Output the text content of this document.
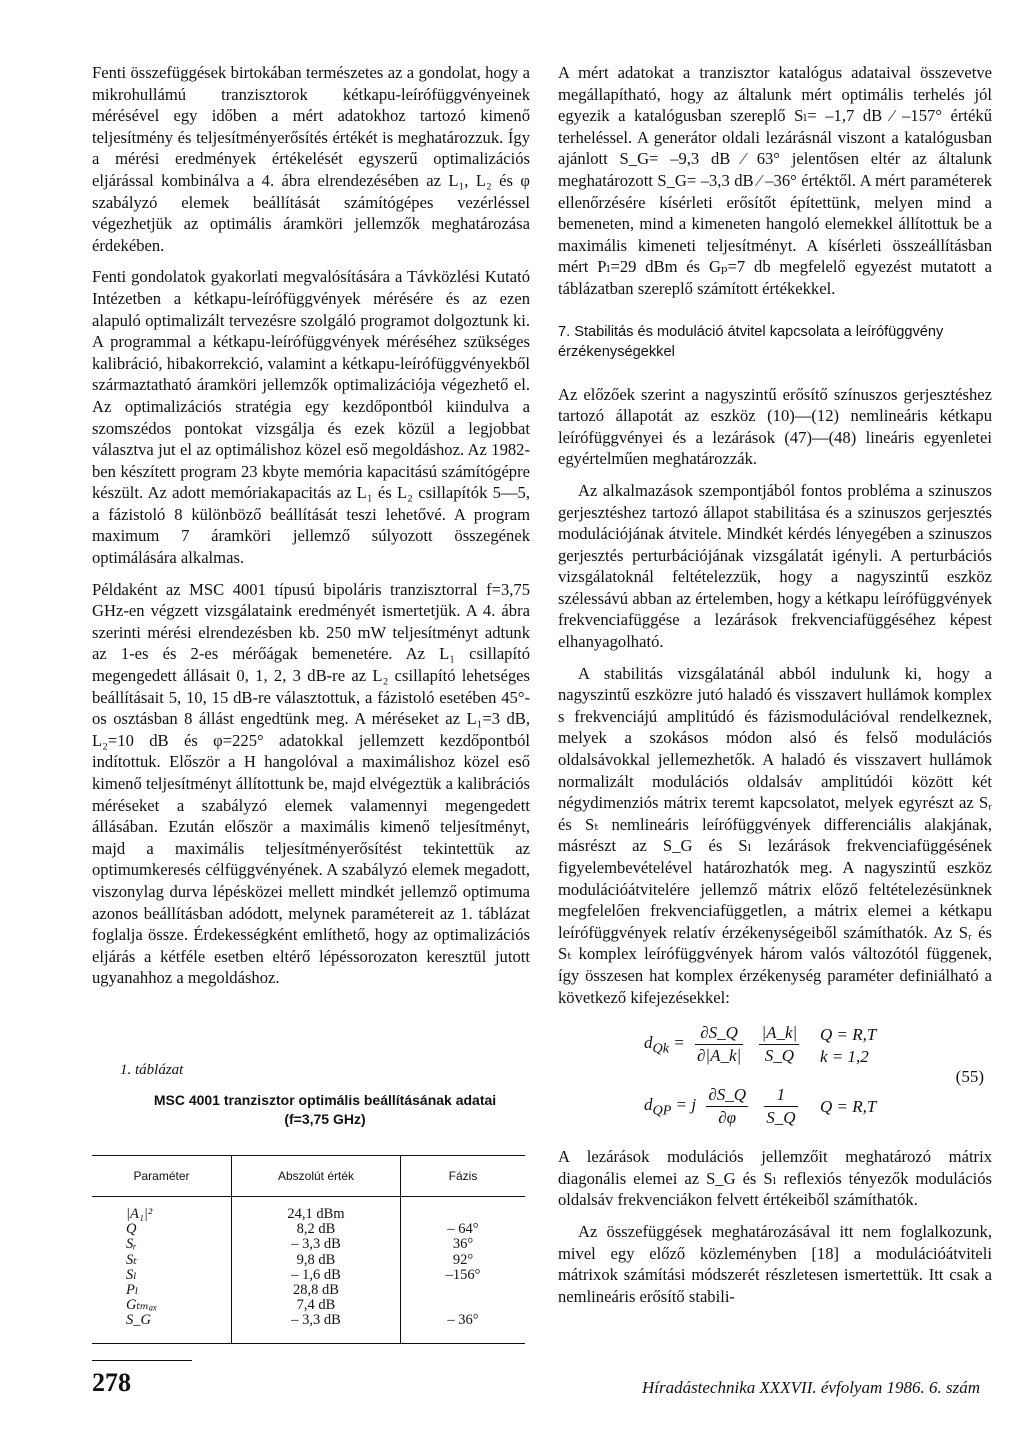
Fenti összefüggések birtokában természetes az a gondolat, hogy a mikrohullámú tranzisztorok kétkapu-leírófüggvényeinek mérésével egy időben a mért adatokhoz tartozó kimenő teljesítmény és teljesítményerősítés értékét is meghatározzuk. Így a mérési eredmények értékelését egyszerű optimalizációs eljárással kombinálva a 4. ábra elrendezésében az L₁, L₂ és φ szabályzó elemek beállítását számítógépes vezérléssel végezhetjük az optimális áramköri jellemzők meghatározása érdekében.

Fenti gondolatok gyakorlati megvalósítására a Távközlési Kutató Intézetben a kétkapu-leírófüggvények mérésére és az ezen alapuló optimalizált tervezésre szolgáló programot dolgoztunk ki. A programmal a kétkapu-leírófüggvények méréséhez szükséges kalibráció, hibakorrekció, valamint a kétkapu-leírófüggvényekből származtatható áramköri jellemzők optimalizációja végezhető el. Az optimalizációs stratégia egy kezdőpontból kiindulva a szomszédos pontokat vizsgálja és ezek közül a legjobbat választva jut el az optimálishoz közel eső megoldáshoz. Az 1982-ben készített program 23 kbyte memória kapacitású számítógépre készült. Az adott memóriakapacitás az L₁ és L₂ csillapítók 5—5, a fázistoló 8 különböző beállítását teszi lehetővé. A program maximum 7 áramköri jellemző súlyozott összegének optimálására alkalmas.

Példaként az MSC 4001 típusú bipoláris tranzisztorral f=3,75 GHz-en végzett vizsgálataink eredményét ismertetjük. A 4. ábra szerinti mérési elrendezésben kb. 250 mW teljesítményt adtunk az 1-es és 2-es mérőágak bemenetére. Az L₁ csillapító megengedett állásait 0, 1, 2, 3 dB-re az L₂ csillapító lehetséges beállításait 5, 10, 15 dB-re választottuk, a fázistoló esetében 45°-os osztásban 8 állást engedtünk meg. A méréseket az L₁=3 dB, L₂=10 dB és φ=225° adatokkal jellemzett kezdőpontból indítottuk. Először a H hangolóval a maximálishoz közel eső kimenő teljesítményt állítottunk be, majd elvégeztük a kalibrációs méréseket a szabályzó elemek valamennyi megengedett állásában. Ezután először a maximális kimenő teljesítményt, majd a maximális teljesítményerősítést tekintettük az optimumkeresés célfüggvényének. A szabályzó elemek megadott, viszonylag durva lépésközei mellett mindkét jellemző optimuma azonos beállításban adódott, melynek paramétereit az 1. táblázat foglalja össze. Érdekességként említhető, hogy az optimalizációs eljárás a kétféle esetben eltérő lépéssorozaton keresztül jutott ugyanahhoz a megoldáshoz.

1. táblázat
MSC 4001 tranzisztor optimális beállításának adatai
(f=3,75 GHz)
Paraméter	Abszolút érték	Fázis

|A₁|²	24,1 dBm	
Q	8,2 dB	– 64°
Sᵣ	– 3,3 dB	36°
Sₜ	9,8 dB	92°
Sₗ	– 1,6 dB	–156°
Pₗ	28,8 dB	
Gₜₘₐₓ	7,4 dB	
S_G	– 3,3 dB	– 36°

A mért adatokat a tranzisztor katalógus adataival összevetve megállapítható, hogy az általunk mért optimális terhelés jól egyezik a katalógusban szereplő Sₗ= –1,7 dB ⁄ –157° értékű terheléssel. A generátor oldali lezárásnál viszont a katalógusban ajánlott S_G= –9,3 dB ⁄ 63° jelentősen eltér az általunk meghatározott S_G= –3,3 dB ⁄ –36° értéktől. A mért paraméterek ellenőrzésére kísérleti erősítőt építettünk, melyen mind a bemeneten, mind a kimeneten hangoló elemekkel állítottuk be a maximális kimeneti teljesítményt. A kísérleti összeállításban mért Pₗ=29 dBm és Gₚ=7 db megfelelő egyezést mutatott a táblázatban szereplő számított értékekkel.

7. Stabilitás és moduláció átvitel kapcsolata a leírófüggvény érzékenységekkel

Az előzőek szerint a nagyszintű erősítő színuszos gerjesztéshez tartozó állapotát az eszköz (10)—(12) nemlineáris kétkapu leírófüggvényei és a lezárások (47)—(48) lineáris egyenletei egyértelműen meghatározzák.

Az alkalmazások szempontjából fontos probléma a szinuszos gerjesztéshez tartozó állapot stabilitása és a szinuszos gerjesztés modulációjának átvitele. Mindkét kérdés lényegében a szinuszos gerjesztés perturbációjának vizsgálatát igényli. A perturbációs vizsgálatoknál feltételezzük, hogy a nagyszintű eszköz szélessávú abban az értelemben, hogy a kétkapu leírófüggvények frekvenciafüggése a lezárások frekvenciafüggéséhez képest elhanyagolható.

A stabilitás vizsgálatánál abból indulunk ki, hogy a nagyszintű eszközre jutó haladó és visszavert hullámok komplex s frekvenciájú amplitúdó és fázismodulációval rendelkeznek, melyek a szokásos módon alsó és felső modulációs oldalsávokkal jellemezhetők. A haladó és visszavert hullámok normalizált modulációs oldalsáv amplitúdói között két négydimenziós mátrix teremt kapcsolatot, melyek egyrészt az Sᵣ és Sₜ nemlineáris leírófüggvények differenciális alakjának, másrészt az S_G és Sₗ lezárások frekvenciafüggésének figyelembevételével határozhatók meg. A nagyszintű eszköz modulációátvitelére jellemző mátrix előző feltételezésünknek megfelelően frekvenciafüggetlen, a mátrix elemei a kétkapu leírófüggvények relatív érzékenységeiből számíthatók. Az Sᵣ és Sₜ komplex leírófüggvények három valós változótól függenek, így összesen hat komplex érzékenység paraméter definiálható a következő kifejezésekkel:

$d_{Qk} = \frac{\partial S\_Q}{\partial|A\_k|}$
$\frac{|A\_k|}{S\_Q}$ Q = R,T
k = 1,2
$d_{QP} = j \frac{\partial S\_Q}{\partial\varphi}$
$\frac{1}{S\_Q}$ Q = R,T
(55)

A lezárások modulációs jellemzőit meghatározó mátrix diagonális elemei az S_G és Sₗ reflexiós tényezők modulációs oldalsáv frekvenciákon felvett értékeiből számíthatók.

Az összefüggések meghatározásával itt nem foglalkozunk, mivel egy előző közleményben [18] a modulációátviteli mátrixok számítási módszerét részletesen ismertettük. Itt csak a nemlineáris erősítő stabili-

278	Híradástechnika XXXVII. évfolyam 1986. 6. szám
